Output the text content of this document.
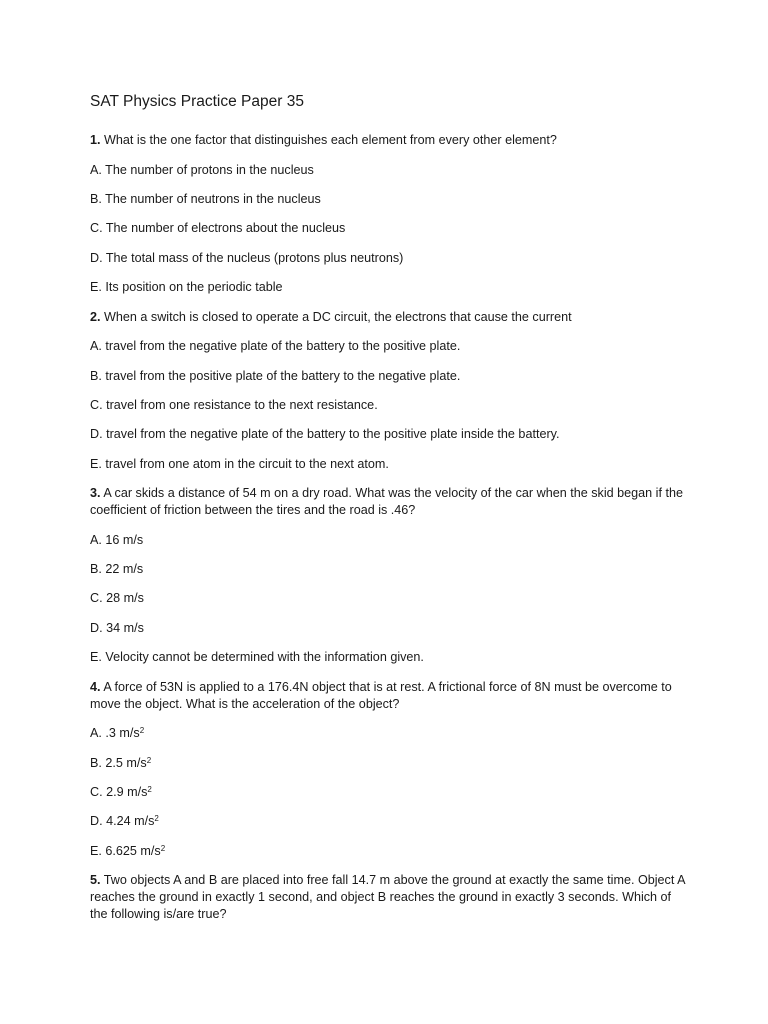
SAT Physics Practice Paper 35
1. What is the one factor that distinguishes each element from every other element?
A. The number of protons in the nucleus
B. The number of neutrons in the nucleus
C. The number of electrons about the nucleus
D. The total mass of the nucleus (protons plus neutrons)
E. Its position on the periodic table
2. When a switch is closed to operate a DC circuit, the electrons that cause the current
A. travel from the negative plate of the battery to the positive plate.
B. travel from the positive plate of the battery to the negative plate.
C. travel from one resistance to the next resistance.
D. travel from the negative plate of the battery to the positive plate inside the battery.
E. travel from one atom in the circuit to the next atom.
3. A car skids a distance of 54 m on a dry road. What was the velocity of the car when the skid began if the coefficient of friction between the tires and the road is .46?
A. 16 m/s
B. 22 m/s
C. 28 m/s
D. 34 m/s
E. Velocity cannot be determined with the information given.
4. A force of 53N is applied to a 176.4N object that is at rest. A frictional force of 8N must be overcome to move the object. What is the acceleration of the object?
A. .3 $m/s^2$
B. 2.5 $m/s^2$
C. 2.9 $m/s^2$
D. 4.24 $m/s^2$
E. 6.625 $m/s^2$
5. Two objects A and B are placed into free fall 14.7 m above the ground at exactly the same time. Object A reaches the ground in exactly 1 second, and object B reaches the ground in exactly 3 seconds. Which of the following is/are true?
